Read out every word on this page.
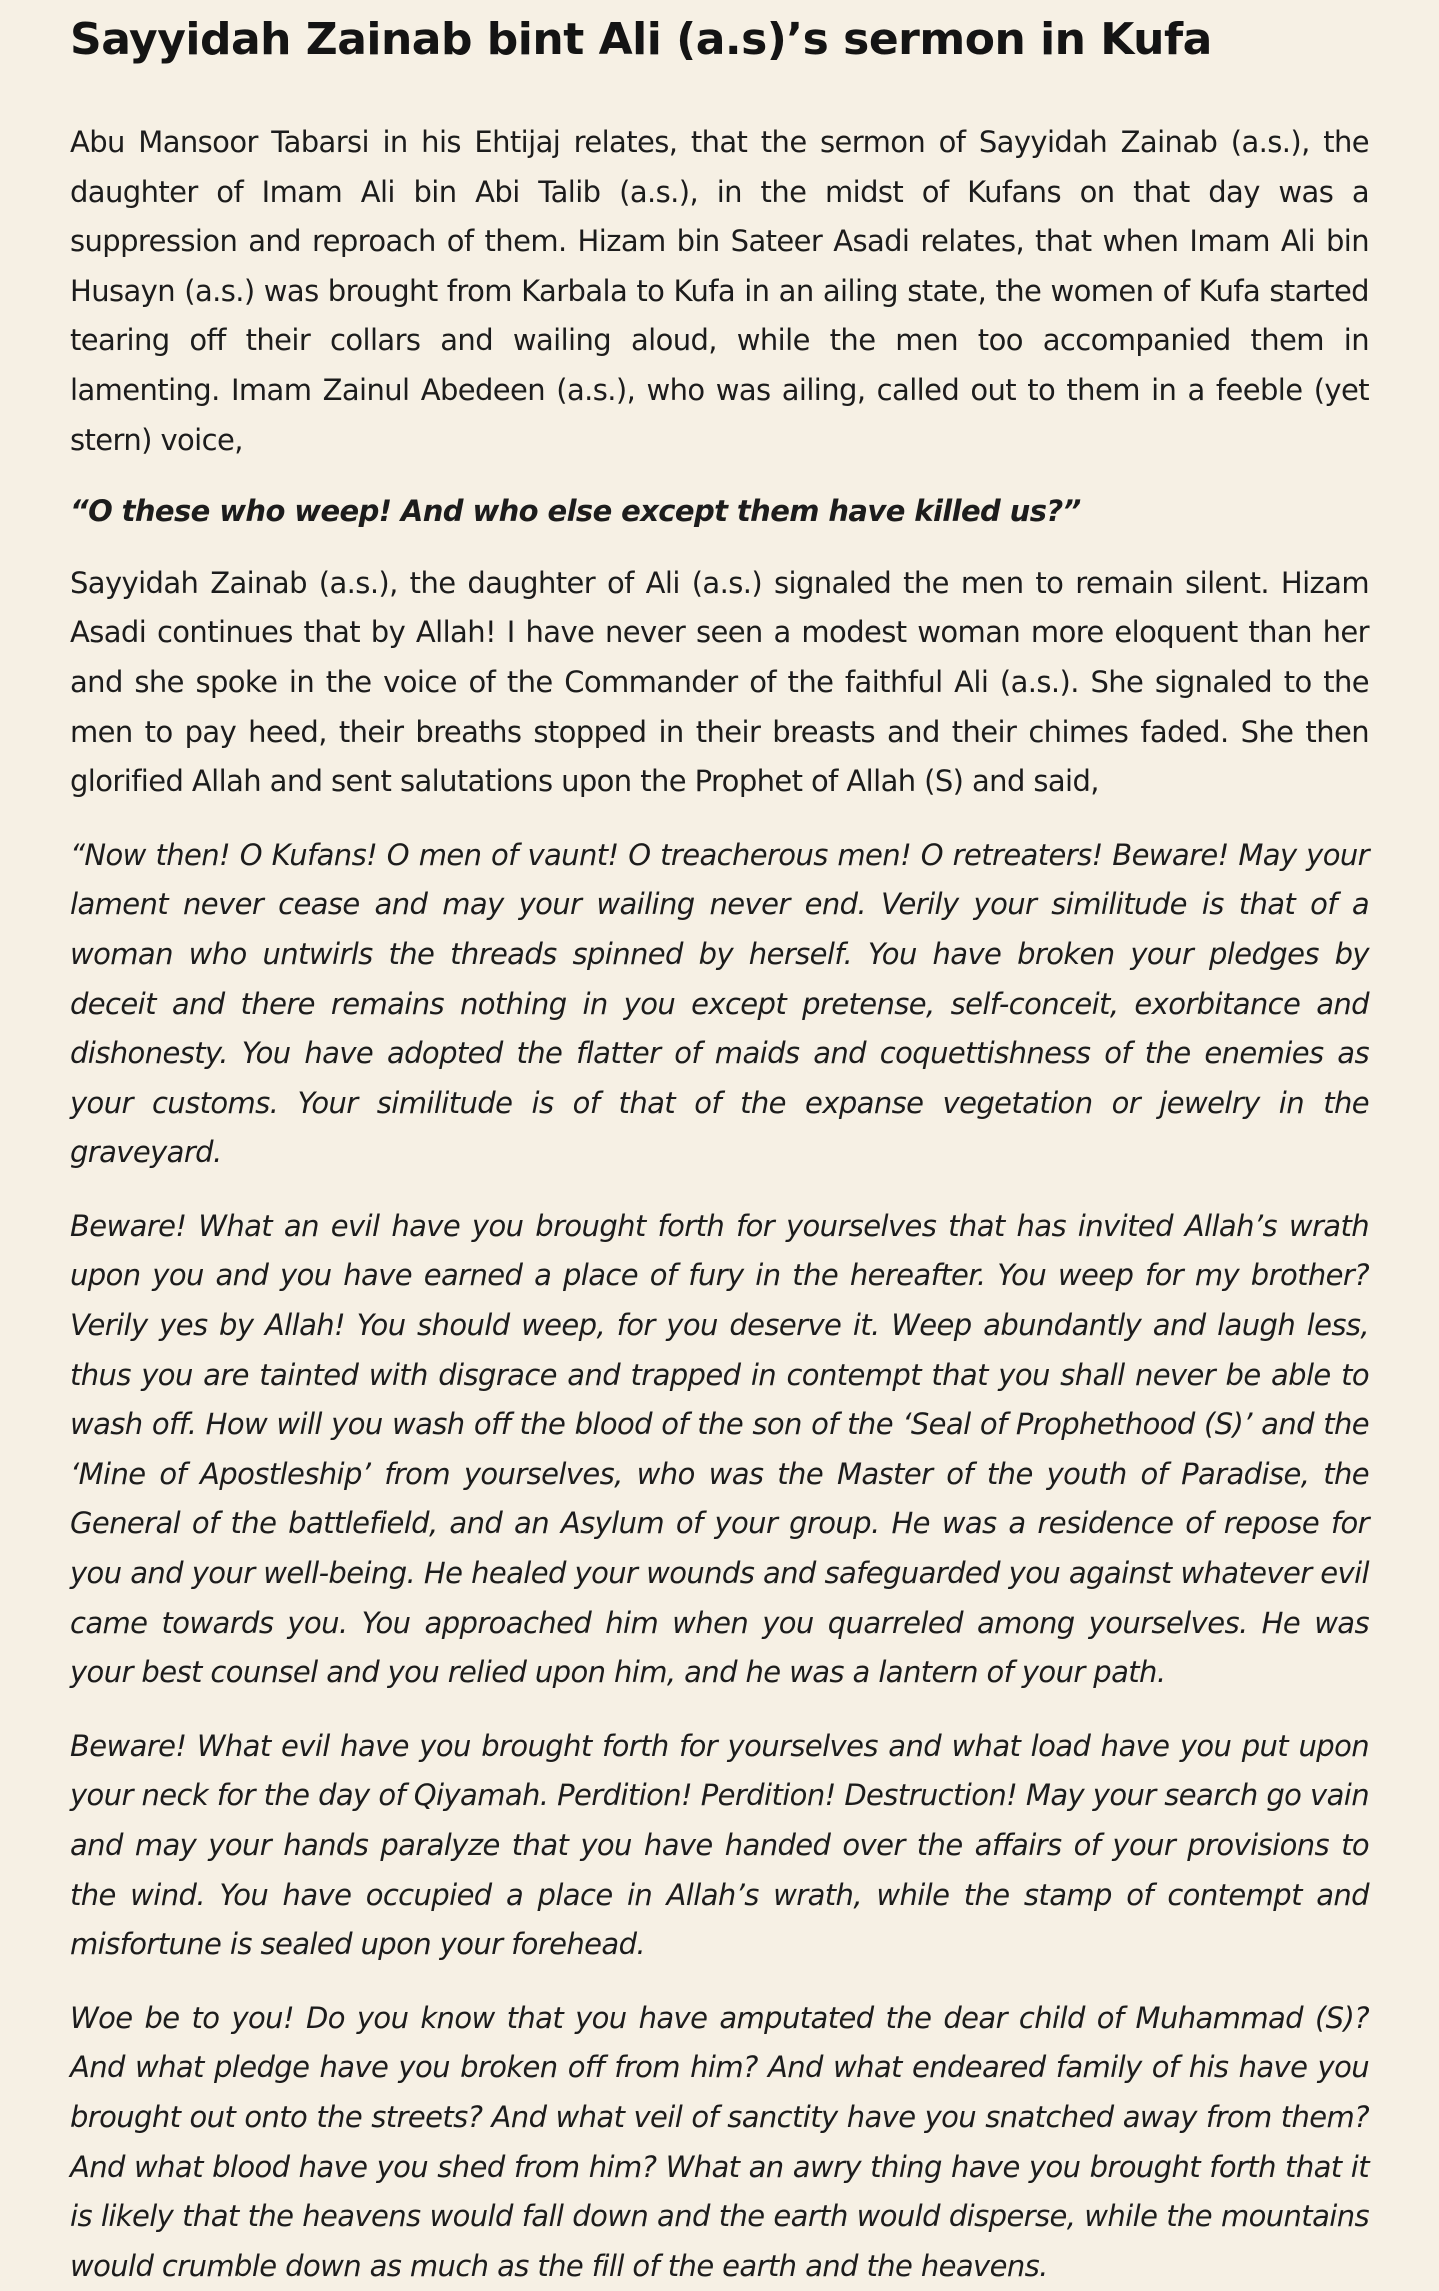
Sayyidah Zainab bint Ali (a.s)’s sermon in Kufa

Abu Mansoor Tabarsi in his Ehtijaj relates, that the sermon of Sayyidah Zainab (a.s.), the daughter of Imam Ali bin Abi Talib (a.s.), in the midst of Kufans on that day was a suppression and reproach of them. Hizam bin Sateer Asadi relates, that when Imam Ali bin Husayn (a.s.) was brought from Karbala to Kufa in an ailing state, the women of Kufa started tearing off their collars and wailing aloud, while the men too accompanied them in lamenting. Imam Zainul Abedeen (a.s.), who was ailing, called out to them in a feeble (yet stern) voice,

“O these who weep! And who else except them have killed us?”

Sayyidah Zainab (a.s.), the daughter of Ali (a.s.) signaled the men to remain silent. Hizam Asadi continues that by Allah! I have never seen a modest woman more eloquent than her and she spoke in the voice of the Commander of the faithful Ali (a.s.). She signaled to the men to pay heed, their breaths stopped in their breasts and their chimes faded. She then glorified Allah and sent salutations upon the Prophet of Allah (S) and said,

“Now then! O Kufans! O men of vaunt! O treacherous men! O retreaters! Beware! May your lament never cease and may your wailing never end. Verily your similitude is that of a woman who untwirls the threads spinned by herself. You have broken your pledges by deceit and there remains nothing in you except pretense, self-conceit, exorbitance and dishonesty. You have adopted the flatter of maids and coquettishness of the enemies as your customs. Your similitude is of that of the expanse vegetation or jewelry in the graveyard.

Beware! What an evil have you brought forth for yourselves that has invited Allah’s wrath upon you and you have earned a place of fury in the hereafter. You weep for my brother? Verily yes by Allah! You should weep, for you deserve it. Weep abundantly and laugh less, thus you are tainted with disgrace and trapped in contempt that you shall never be able to wash off. How will you wash off the blood of the son of the ‘Seal of Prophethood (S)’ and the ‘Mine of Apostleship’ from yourselves, who was the Master of the youth of Paradise, the General of the battlefield, and an Asylum of your group. He was a residence of repose for you and your well-being. He healed your wounds and safeguarded you against whatever evil came towards you. You approached him when you quarreled among yourselves. He was your best counsel and you relied upon him, and he was a lantern of your path.

Beware! What evil have you brought forth for yourselves and what load have you put upon your neck for the day of Qiyamah. Perdition! Perdition! Destruction! May your search go vain and may your hands paralyze that you have handed over the affairs of your provisions to the wind. You have occupied a place in Allah’s wrath, while the stamp of contempt and misfortune is sealed upon your forehead.

Woe be to you! Do you know that you have amputated the dear child of Muhammad (S)? And what pledge have you broken off from him? And what endeared family of his have you brought out onto the streets? And what veil of sanctity have you snatched away from them? And what blood have you shed from him? What an awry thing have you brought forth that it is likely that the heavens would fall down and the earth would disperse, while the mountains would crumble down as much as the fill of the earth and the heavens.
